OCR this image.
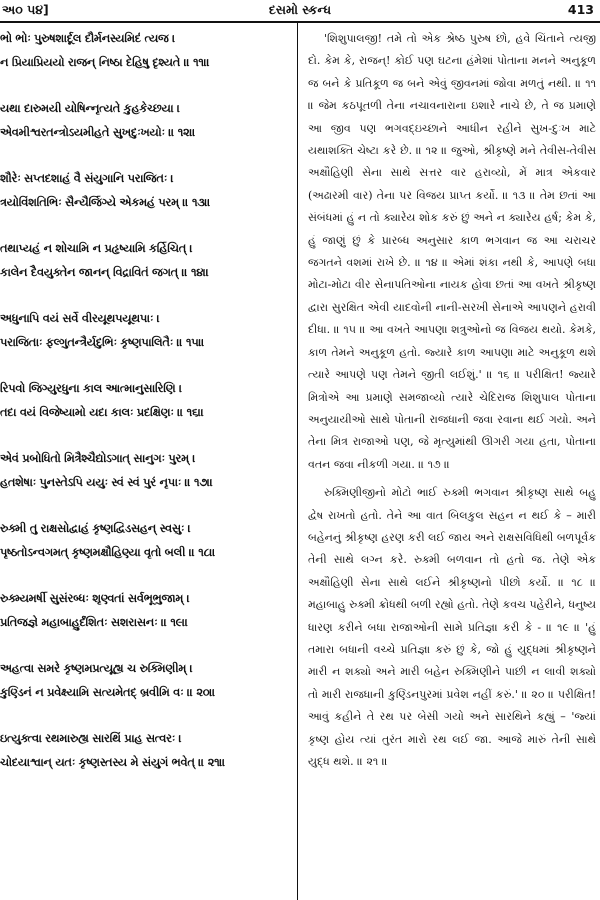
અ૦ ૫૪]	દસમો સ્કન્ધ	413
ભો ભોઃ પુરુષશાર્દૂલ દૌર્મનસ્યમિદં ત્યજ ।
ન પ્રિયાપ્રિયયો રાજન્ નિષ્ઠા દેહિષુ દૃશ્યતે ॥ ૧૧॥
યથા દારુમયી યોષિન્નૃત્યતે કુહકેચ્છયા ।
એવમીશ્વરતન્ત્રોઽયમીહતે સુખદુઃખયોઃ ॥ ૧૨॥
શૌરેઃ સપ્તદશાહં વૈ સંયુગાનિ પરાજિતઃ ।
ત્રયોવિંશતિભિઃ સૈન્યૈર્જિગ્યે એકમહં પરમ્ ॥ ૧૩॥
તથાપ્યહં ન શોચામિ ન પ્રહૃષ્યામિ કર્હિચિત્ ।
કાલેન દૈવયુક્તેન જાનન્ વિદ્રાવિતં જગત્ ॥ ૧૪॥
અધુનાપિ વયં સર્વે વીરયૂથપયૂથપાઃ ।
પરાજિતાઃ ફલ્ગુતન્ત્રૈર્યદુભિઃ કૃષ્ણપાલિતૈઃ ॥ ૧૫॥
રિપવો જિગ્યુરધુના કાલ આત્માનુસારિણિ ।
તદા વયં વિજેષ્યામો યદા કાલઃ પ્રદક્ષિણઃ ॥ ૧૬॥
એવં પ્રબોધિતો મિત્રૈશ્ચૈદ્યોઽગાત્ સાનુગઃ પુરમ્ ।
હતશેષાઃ પુનસ્તેઽપિ યયુઃ સ્વં સ્વં પુરં નૃપાઃ ॥ ૧૭॥
રુક્મી તુ રાક્ષસોદ્વાહં કૃષ્ણદ્વિડસહન્ સ્વસુઃ ।
પૃષ્ઠતોઽન્વગમત્ કૃષ્ણમક્ષૌહિણ્યા વૃતો બલી ॥ ૧૮॥
રુક્મ્યમર્ષી સુસંરબ્ધઃ શૃણ્વતાં સર્વભૂભુજામ્ ।
પ્રતિજજ્ઞે મહાબાહુર્દંશિતઃ સશરાસનઃ ॥ ૧૯॥
અહત્વા સમરે કૃષ્ણમપ્રત્યૂહ્ય ચ રુક્મિણીમ્ ।
કુણ્ડિનં ન પ્રવેક્ષ્યામિ સત્યમેતદ્ બ્રવીમિ વઃ ॥ ૨૦॥
ઇત્યુક્ત્વા રથમારુહ્ય સારથિં પ્રાહ સત્વરઃ ।
ચોદયાશ્વાન્ યતઃ કૃષ્ણસ્તસ્ય મે સંયુગં ભવેત્ ॥ ૨૧॥

'શિશુપાલજી! તમે તો એક શ્રેષ્ઠ પુરુષ છો, હવે ચિંતાને ત્યજી દો. કેમ કે, રાજન્! કોઈ પણ ઘટના હંમેશાં પોતાના મનને અનુકૂળ જ બને કે પ્રતિકૂળ જ બને એવું જીવનમાં જોવા મળતું નથી. ॥ ૧૧ ॥ જેમ કઠપૂતળી તેના નચાવનારાના ઇશારે નાચે છે, તે જ પ્રમાણે આ જીવ પણ ભગવદ્ઇચ્છાને આધીન રહીને સુખ-દુઃખ માટે યથાશક્તિ ચેષ્ટા કરે છે. ॥ ૧૨ ॥ જુઓ, શ્રીકૃષ્ણે મને તેવીસ-તેવીસ અક્ષૌહિણી સેના સાથે સત્તર વાર હરાવ્યો, મેં માત્ર એકવાર (અઢારમી વાર) તેના પર વિજય પ્રાપ્ત કર્યો. ॥ ૧૩ ॥ તેમ છતાં આ સંબંધમાં હું ન તો ક્યારેય શોક કરું છું અને ન ક્યારેય હર્ષ; કેમ કે, હું જાણું છું કે પ્રારબ્ધ અનુસાર કાળ ભગવાન જ આ ચરાચર જગતને વશમાં રાખે છે. ॥ ૧૪ ॥ એમાં શંકા નથી કે, આપણે બધા મોટા-મોટા વીર સેનાપતિઓના નાયક હોવા છતાં આ વખતે શ્રીકૃષ્ણ દ્વારા સુરક્ષિત એવી યાદવોની નાની-સરખી સેનાએ આપણને હરાવી દીધા. ॥ ૧૫ ॥ આ વખતે આપણા શત્રુઓનો જ વિજય થયો. કેમકે, કાળ તેમને અનુકૂળ હતો. જ્યારે કાળ આપણા માટે અનુકૂળ થશે ત્યારે આપણે પણ તેમને જીતી લઈશું.' ॥ ૧૬ ॥ પરીક્ષિત! જ્યારે મિત્રોએ આ પ્રમાણે સમજાવ્યો ત્યારે ચેદિરાજ શિશુપાલ પોતાના અનુયાયીઓ સાથે પોતાની રાજધાની જવા રવાના થઈ ગયો. અને તેના મિત્ર રાજાઓ પણ, જે મૃત્યુમાંથી ઊગરી ગયા હતા, પોતાના વતન જવા નીકળી ગયા. ॥ ૧૭ ॥

રુક્મિણીજીનો મોટો ભાઈ રુક્મી ભગવાન શ્રીકૃષ્ણ સાથે બહુ દ્વેષ રાખતો હતો. તેને આ વાત બિલકુલ સહન ન થઈ કે – મારી બહેનનું શ્રીકૃષ્ણ હરણ કરી લઈ જાય અને રાક્ષસવિધિથી બળપૂર્વક તેની સાથે લગ્ન કરે. રુક્મી બળવાન તો હતો જ. તેણે એક અક્ષૌહિણી સેના સાથે લઈને શ્રીકૃષ્ણનો પીછો કર્યો. ॥ ૧૮ ॥ મહાબાહુ રુક્મી ક્રોધથી બળી રહ્યો હતો. તેણે કવચ પહેરીને, ધનુષ્ય ધારણ કરીને બધા રાજાઓની સામે પ્રતિજ્ઞા કરી કે - ॥ ૧૯ ॥ 'હું તમારા બધાની વચ્ચે પ્રતિજ્ઞા કરું છું કે, જો હું યુદ્ધમાં શ્રીકૃષ્ણને મારી ન શક્યો અને મારી બહેન રુક્મિણીને પાછી ન લાવી શક્યો તો મારી રાજધાની કુણ્ડિનપુરમાં પ્રવેશ નહીં કરું.' ॥ ૨૦ ॥ પરીક્ષિત! આવું કહીને તે રથ પર બેસી ગયો અને સારથિને કહ્યું – 'જ્યાં કૃષ્ણ હોય ત્યાં તુરંત મારો રથ લઈ જા. આજે મારું તેની સાથે યુદ્ધ થશે. ॥ ૨૧ ॥
